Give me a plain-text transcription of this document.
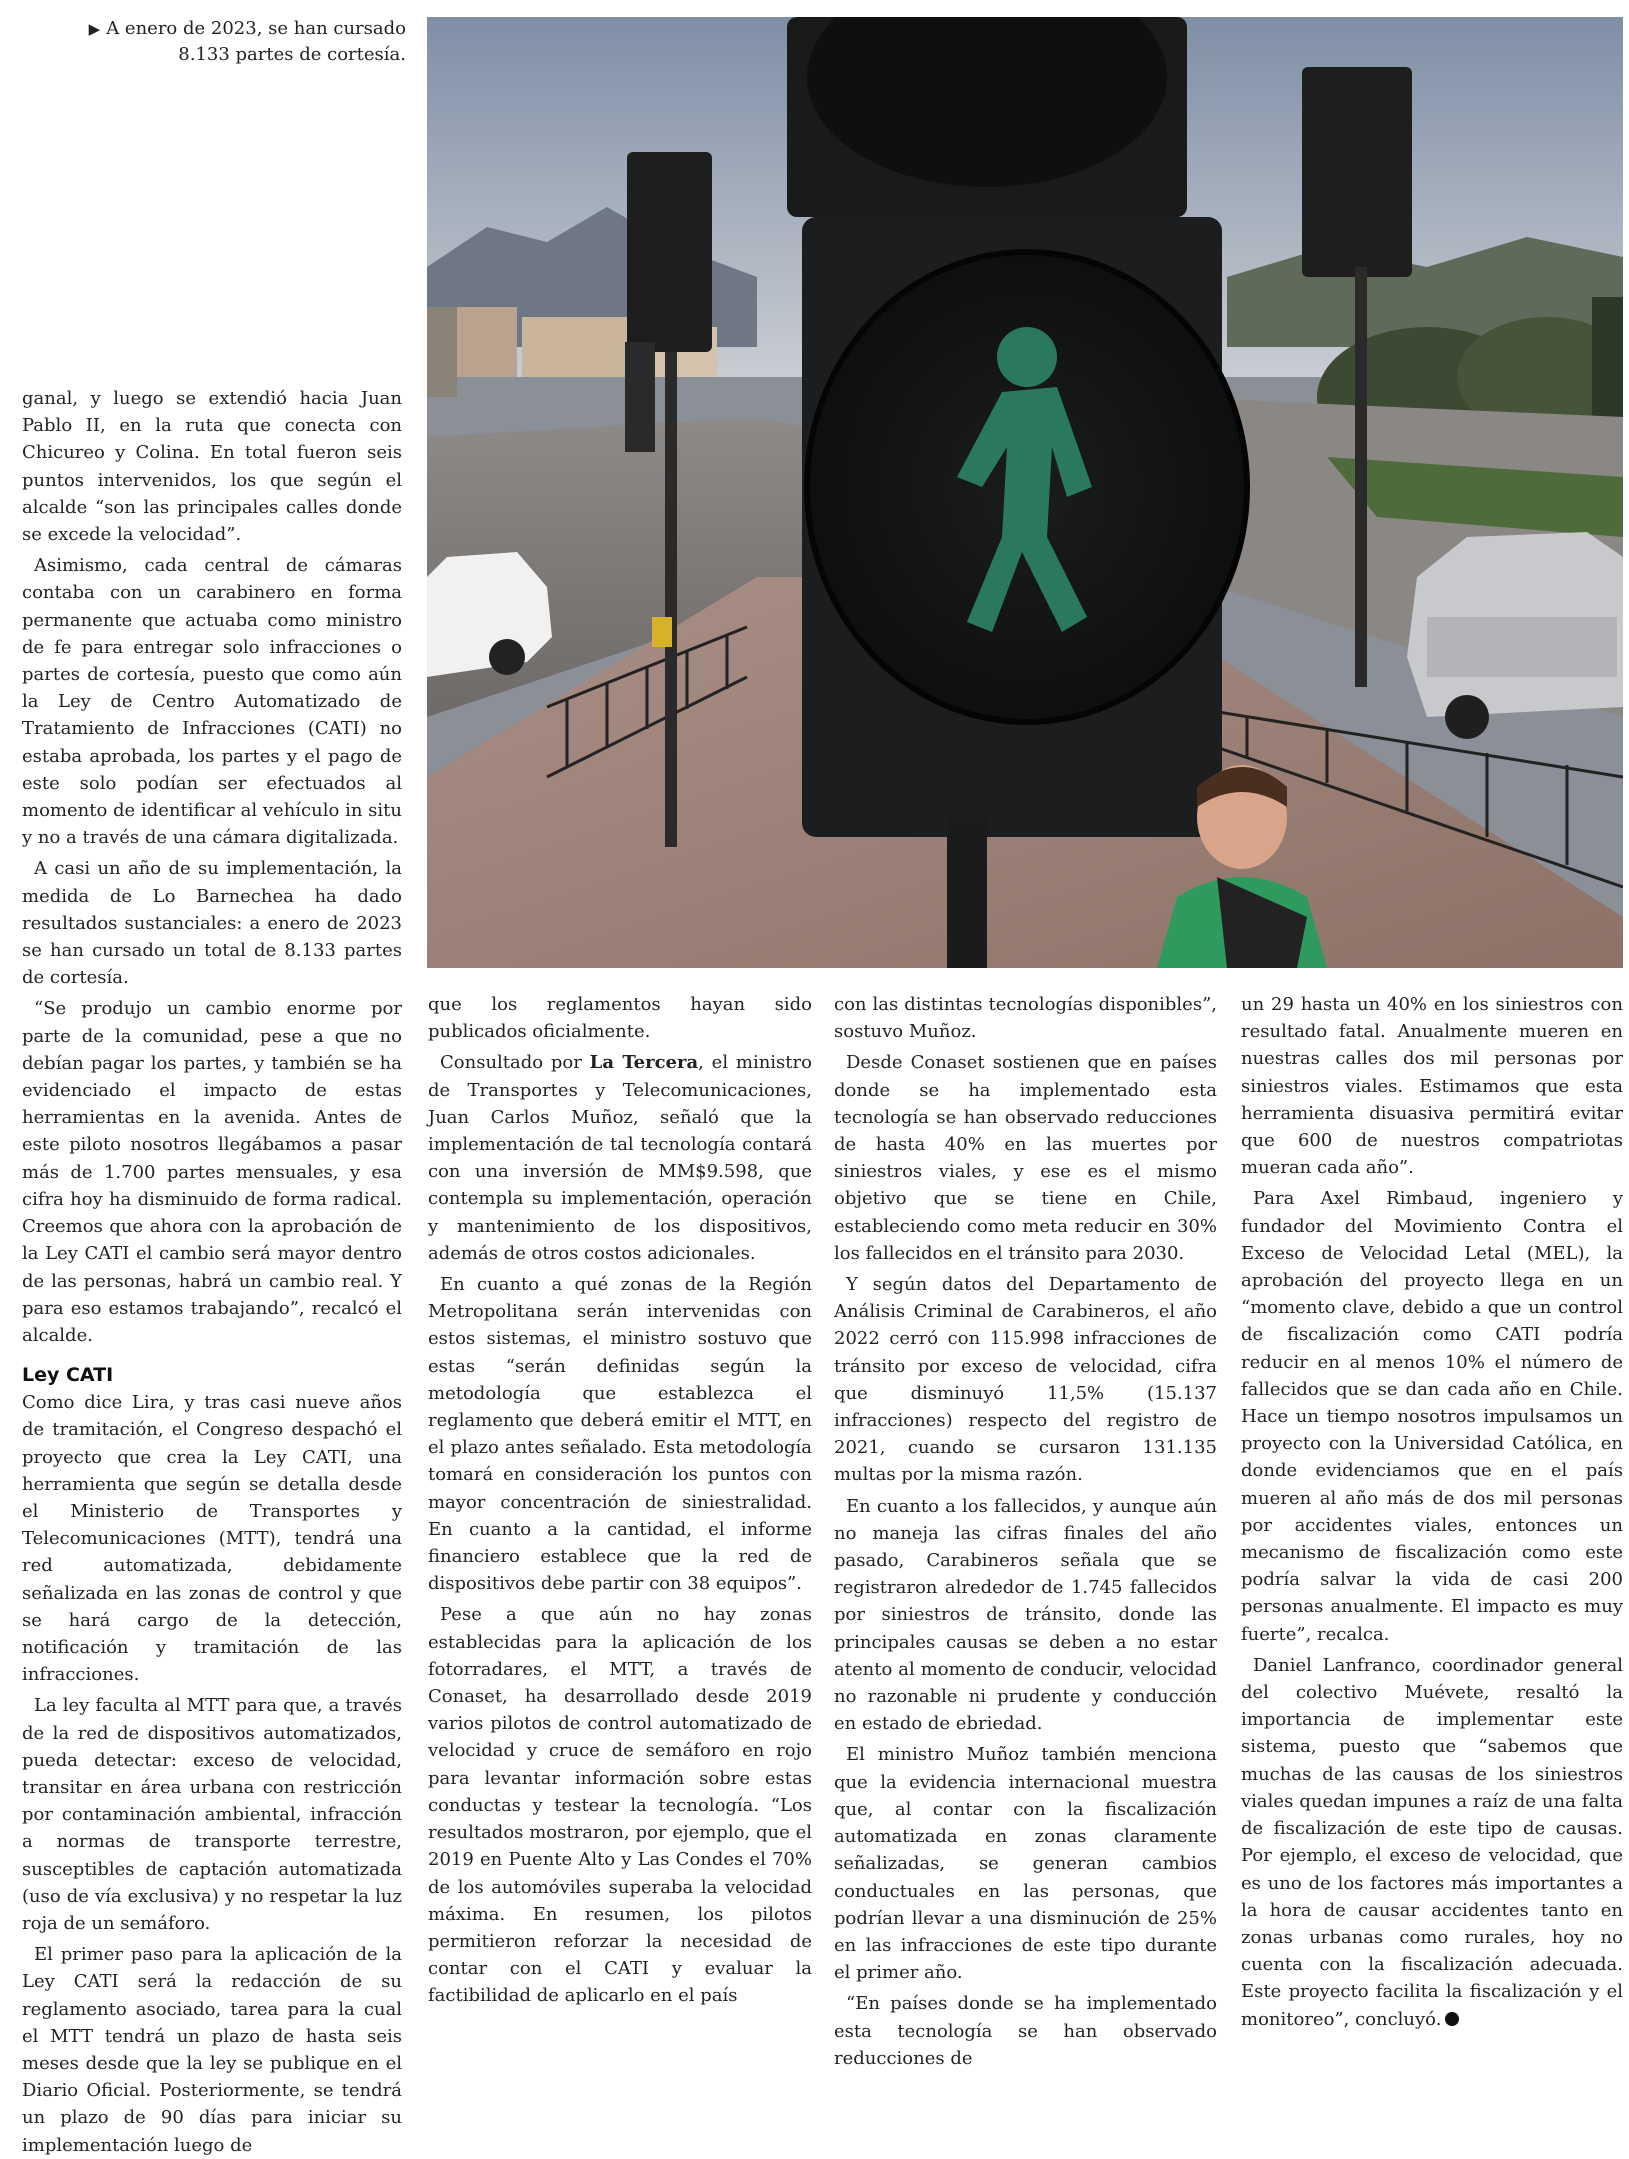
▶ A enero de 2023, se han cursado 8.133 partes de cortesía.

ganal, y luego se extendió hacia Juan Pablo II, en la ruta que conecta con Chicureo y Colina. En total fueron seis puntos intervenidos, los que según el alcalde “son las principales calles donde se excede la velocidad”.

Asimismo, cada central de cámaras contaba con un carabinero en forma permanente que actuaba como ministro de fe para entregar solo infracciones o partes de cortesía, puesto que como aún la Ley de Centro Automatizado de Tratamiento de Infracciones (CATI) no estaba aprobada, los partes y el pago de este solo podían ser efectuados al momento de identificar al vehículo in situ y no a través de una cámara digitalizada.

A casi un año de su implementación, la medida de Lo Barnechea ha dado resultados sustanciales: a enero de 2023 se han cursado un total de 8.133 partes de cortesía.

“Se produjo un cambio enorme por parte de la comunidad, pese a que no debían pagar los partes, y también se ha evidenciado el impacto de estas herramientas en la avenida. Antes de este piloto nosotros llegábamos a pasar más de 1.700 partes mensuales, y esa cifra hoy ha disminuido de forma radical. Creemos que ahora con la aprobación de la Ley CATI el cambio será mayor dentro de las personas, habrá un cambio real. Y para eso estamos trabajando”, recalcó el alcalde.

Ley CATI

Como dice Lira, y tras casi nueve años de tramitación, el Congreso despachó el proyecto que crea la Ley CATI, una herramienta que según se detalla desde el Ministerio de Transportes y Telecomunicaciones (MTT), tendrá una red automatizada, debidamente señalizada en las zonas de control y que se hará cargo de la detección, notificación y tramitación de las infracciones.

La ley faculta al MTT para que, a través de la red de dispositivos automatizados, pueda detectar: exceso de velocidad, transitar en área urbana con restricción por contaminación ambiental, infracción a normas de transporte terrestre, susceptibles de captación automatizada (uso de vía exclusiva) y no respetar la luz roja de un semáforo.

El primer paso para la aplicación de la Ley CATI será la redacción de su reglamento asociado, tarea para la cual el MTT tendrá un plazo de hasta seis meses desde que la ley se publique en el Diario Oficial. Posteriormente, se tendrá un plazo de 90 días para iniciar su implementación luego de

que los reglamentos hayan sido publicados oficialmente.

Consultado por La Tercera, el ministro de Transportes y Telecomunicaciones, Juan Carlos Muñoz, señaló que la implementación de tal tecnología contará con una inversión de MM$9.598, que contempla su implementación, operación y mantenimiento de los dispositivos, además de otros costos adicionales.

En cuanto a qué zonas de la Región Metropolitana serán intervenidas con estos sistemas, el ministro sostuvo que estas “serán definidas según la metodología que establezca el reglamento que deberá emitir el MTT, en el plazo antes señalado. Esta metodología tomará en consideración los puntos con mayor concentración de siniestralidad. En cuanto a la cantidad, el informe financiero establece que la red de dispositivos debe partir con 38 equipos”.

Pese a que aún no hay zonas establecidas para la aplicación de los fotorradares, el MTT, a través de Conaset, ha desarrollado desde 2019 varios pilotos de control automatizado de velocidad y cruce de semáforo en rojo para levantar información sobre estas conductas y testear la tecnología. “Los resultados mostraron, por ejemplo, que el 2019 en Puente Alto y Las Condes el 70% de los automóviles superaba la velocidad máxima. En resumen, los pilotos permitieron reforzar la necesidad de contar con el CATI y evaluar la factibilidad de aplicarlo en el país

con las distintas tecnologías disponibles”, sostuvo Muñoz.

Desde Conaset sostienen que en países donde se ha implementado esta tecnología se han observado reducciones de hasta 40% en las muertes por siniestros viales, y ese es el mismo objetivo que se tiene en Chile, estableciendo como meta reducir en 30% los fallecidos en el tránsito para 2030.

Y según datos del Departamento de Análisis Criminal de Carabineros, el año 2022 cerró con 115.998 infracciones de tránsito por exceso de velocidad, cifra que disminuyó 11,5% (15.137 infracciones) respecto del registro de 2021, cuando se cursaron 131.135 multas por la misma razón.

En cuanto a los fallecidos, y aunque aún no maneja las cifras finales del año pasado, Carabineros señala que se registraron alrededor de 1.745 fallecidos por siniestros de tránsito, donde las principales causas se deben a no estar atento al momento de conducir, velocidad no razonable ni prudente y conducción en estado de ebriedad.

El ministro Muñoz también menciona que la evidencia internacional muestra que, al contar con la fiscalización automatizada en zonas claramente señalizadas, se generan cambios conductuales en las personas, que podrían llevar a una disminución de 25% en las infracciones de este tipo durante el primer año.

“En países donde se ha implementado esta tecnología se han observado reducciones de

un 29 hasta un 40% en los siniestros con resultado fatal. Anualmente mueren en nuestras calles dos mil personas por siniestros viales. Estimamos que esta herramienta disuasiva permitirá evitar que 600 de nuestros compatriotas mueran cada año”.

Para Axel Rimbaud, ingeniero y fundador del Movimiento Contra el Exceso de Velocidad Letal (MEL), la aprobación del proyecto llega en un “momento clave, debido a que un control de fiscalización como CATI podría reducir en al menos 10% el número de fallecidos que se dan cada año en Chile. Hace un tiempo nosotros impulsamos un proyecto con la Universidad Católica, en donde evidenciamos que en el país mueren al año más de dos mil personas por accidentes viales, entonces un mecanismo de fiscalización como este podría salvar la vida de casi 200 personas anualmente. El impacto es muy fuerte”, recalca.

Daniel Lanfranco, coordinador general del colectivo Muévete, resaltó la importancia de implementar este sistema, puesto que “sabemos que muchas de las causas de los siniestros viales quedan impunes a raíz de una falta de fiscalización de este tipo de causas. Por ejemplo, el exceso de velocidad, que es uno de los factores más importantes a la hora de causar accidentes tanto en zonas urbanas como rurales, hoy no cuenta con la fiscalización adecuada. Este proyecto facilita la fiscalización y el monitoreo”, concluyó.
